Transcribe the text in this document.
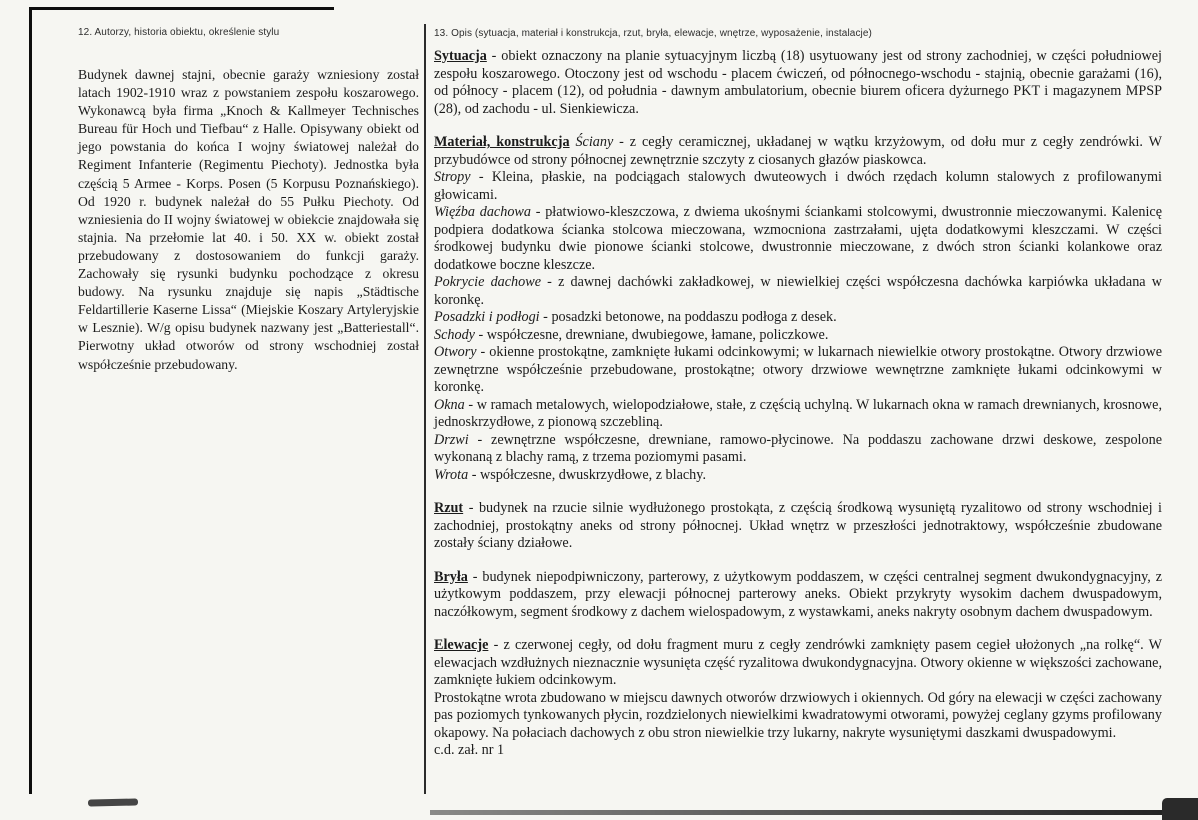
12. Autorzy, historia obiektu, określenie stylu	13. Opis (sytuacja, materiał i konstrukcja, rzut, bryła, elewacje, wnętrze, wyposażenie, instalacje)
Budynek dawnej stajni, obecnie garaży wzniesiony został latach 1902-1910 wraz z powstaniem zespołu koszarowego. Wykonawcą była firma „Knoch & Kallmeyer Technisches Bureau für Hoch und Tiefbau“ z Halle. Opisywany obiekt od jego powstania do końca I wojny światowej należał do Regiment Infanterie (Regimentu Piechoty). Jednostka była częścią 5 Armee - Korps. Posen (5 Korpusu Poznańskiego). Od 1920 r. budynek należał do 55 Pułku Piechoty. Od wzniesienia do II wojny światowej w obiekcie znajdowała się stajnia. Na przełomie lat 40. i 50. XX w. obiekt został przebudowany z dostosowaniem do funkcji garaży. Zachowały się rysunki budynku pochodzące z okresu budowy. Na rysunku znajduje się napis „Städtische Feldartillerie Kaserne Lissa“ (Miejskie Koszary Artyleryjskie w Lesznie). W/g opisu budynek nazwany jest „Batteriestall“. Pierwotny układ otworów od strony wschodniej został współcześnie przebudowany.

Sytuacja - obiekt oznaczony na planie sytuacyjnym liczbą (18) usytuowany jest od strony zachodniej, w części południowej zespołu koszarowego. Otoczony jest od wschodu - placem ćwiczeń, od północnego-wschodu - stajnią, obecnie garażami (16), od północy - placem (12), od południa - dawnym ambulatorium, obecnie biurem oficera dyżurnego PKT i magazynem MPSP (28), od zachodu - ul. Sienkiewicza.

Materiał, konstrukcja Ściany - z cegły ceramicznej, układanej w wątku krzyżowym, od dołu mur z cegły zendrówki. W przybudówce od strony północnej zewnętrznie szczyty z ciosanych głazów piaskowca.

Stropy - Kleina, płaskie, na podciągach stalowych dwuteowych i dwóch rzędach kolumn stalowych z profilowanymi głowicami.

Więźba dachowa - płatwiowo-kleszczowa, z dwiema ukośnymi ściankami stolcowymi, dwustronnie mieczowanymi. Kalenicę podpiera dodatkowa ścianka stolcowa mieczowana, wzmocniona zastrzałami, ujęta dodatkowymi kleszczami. W części środkowej budynku dwie pionowe ścianki stolcowe, dwustronnie mieczowane, z dwóch stron ścianki kolankowe oraz dodatkowe boczne kleszcze.

Pokrycie dachowe - z dawnej dachówki zakładkowej, w niewielkiej części współczesna dachówka karpiówka układana w koronkę.

Posadzki i podłogi - posadzki betonowe, na poddaszu podłoga z desek.

Schody - współczesne, drewniane, dwubiegowe, łamane, policzkowe.

Otwory - okienne prostokątne, zamknięte łukami odcinkowymi; w lukarnach niewielkie otwory prostokątne. Otwory drzwiowe zewnętrzne współcześnie przebudowane, prostokątne; otwory drzwiowe wewnętrzne zamknięte łukami odcinkowymi w koronkę.

Okna - w ramach metalowych, wielopodziałowe, stałe, z częścią uchylną. W lukarnach okna w ramach drewnianych, krosnowe, jednoskrzydłowe, z pionową szczebliną.

Drzwi - zewnętrzne współczesne, drewniane, ramowo-płycinowe. Na poddaszu zachowane drzwi deskowe, zespolone wykonaną z blachy ramą, z trzema poziomymi pasami.

Wrota - współczesne, dwuskrzydłowe, z blachy.

Rzut - budynek na rzucie silnie wydłużonego prostokąta, z częścią środkową wysuniętą ryzalitowo od strony wschodniej i zachodniej, prostokątny aneks od strony północnej. Układ wnętrz w przeszłości jednotraktowy, współcześnie zbudowane zostały ściany działowe.

Bryła - budynek niepodpiwniczony, parterowy, z użytkowym poddaszem, w części centralnej segment dwukondygnacyjny, z użytkowym poddaszem, przy elewacji północnej parterowy aneks. Obiekt przykryty wysokim dachem dwuspadowym, naczółkowym, segment środkowy z dachem wielospadowym, z wystawkami, aneks nakryty osobnym dachem dwuspadowym.

Elewacje - z czerwonej cegły, od dołu fragment muru z cegły zendrówki zamknięty pasem cegieł ułożonych „na rolkę“. W elewacjach wzdłużnych nieznacznie wysunięta część ryzalitowa dwukondygnacyjna. Otwory okienne w większości zachowane, zamknięte łukiem odcinkowym.

Prostokątne wrota zbudowano w miejscu dawnych otworów drzwiowych i okiennych. Od góry na elewacji w części zachowany pas poziomych tynkowanych płycin, rozdzielonych niewielkimi kwadratowymi otworami, powyżej ceglany gzyms profilowany okapowy. Na połaciach dachowych z obu stron niewielkie trzy lukarny, nakryte wysuniętymi daszkami dwuspadowymi.

c.d. zał. nr 1
